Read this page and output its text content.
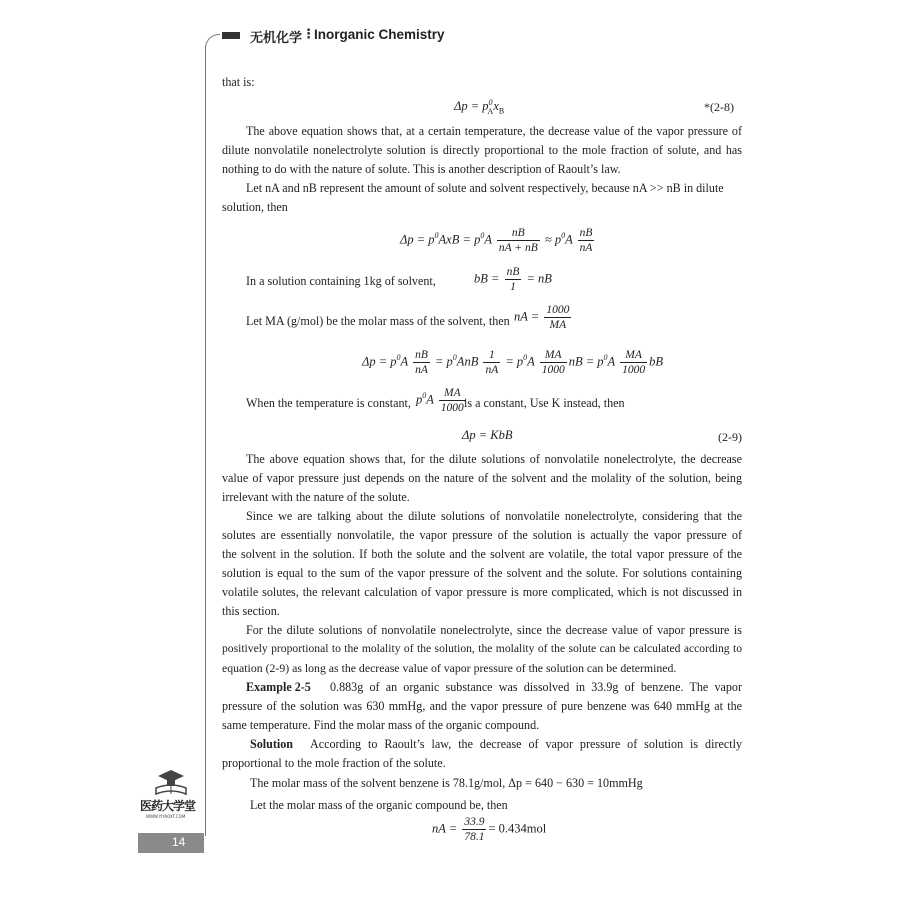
无机化学 ⋮ Inorganic Chemistry
that is:
$\Delta p = p^0_Ax_B$	*(2-8)
The above equation shows that, at a certain temperature, the decrease value of the vapor pressure of
dilute nonvolatile nonelectrolyte solution is directly proportional to the mole fraction of solute, and has
nothing to do with the nature of solute. This is another description of Raoult’s law.
Let nA and nB represent the amount of solute and solvent respectively, because nA >> nB in dilute
solution, then
$\Delta p = p^0AxB = p^0A \frac{nB}{nA + nB} \approx p^0A \frac{nB}{nA}$
In a solution containing 1kg of solvent,	bB = $\frac{nB}{1}$ = nB
Let MA (g/mol) be the molar mass of the solvent, then nA = $\frac{1000}{MA}$
$\Delta p = p^0A \frac{nB}{nA} = p^0AnB \frac{1}{nA} = p^0A \frac{MA}{1000}$ nB = $p^0A \frac{MA}{1000}$ bB
When the temperature is constant, $p^0A \frac{MA}{1000}$
is a constant, Use K instead, then
Δp = KbB	(2-9)
The above equation shows that, for the dilute solutions of nonvolatile nonelectrolyte, the decrease
value of vapor pressure just depends on the nature of the solvent and the molality of the solution, being
irrelevant with the nature of the solute.
Since we are talking about the dilute solutions of nonvolatile nonelectrolyte, considering that the
solutes are essentially nonvolatile, the vapor pressure of the solution is actually the vapor pressure of
the solvent in the solution. If both the solute and the solvent are volatile, the total vapor pressure of the
solution is equal to the sum of the vapor pressure of the solvent and the solute. For solutions containing
volatile solutes, the relevant calculation of vapor pressure is more complicated, which is not discussed in
this section.
For the dilute solutions of nonvolatile nonelectrolyte, since the decrease value of vapor pressure is
positively proportional to the molality of the solution, the molality of the solute can be calculated according to
equation (2-9) as long as the decrease value of vapor pressure of the solution can be determined.
Example 2-5 0.883g of an organic substance was dissolved in 33.9g of benzene. The vapor
pressure of the solution was 630 mmHg, and the vapor pressure of pure benzene was 640 mmHg at the
same temperature. Find the molar mass of the organic compound.
Solution According to Raoult’s law, the decrease of vapor pressure of solution is directly
proportional to the mole fraction of the solute.
The molar mass of the solvent benzene is 78.1g/mol, Δp = 640 − 630 = 10mmHg
Let the molar mass of the organic compound be, then
nA = $\frac{33.9}{78.1} = 0.434mol$
医药大学堂
WWW.YIYAOXT.COM
14
